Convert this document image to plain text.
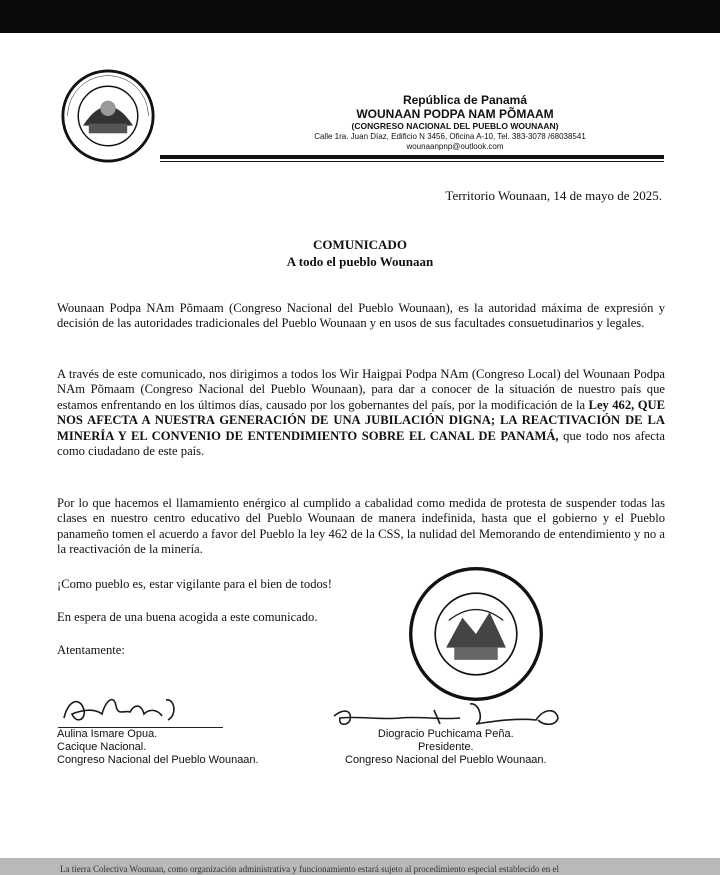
República de Panamá
WOUNAAN PODPA NAM PÕMAAM
(CONGRESO NACIONAL DEL PUEBLO WOUNAAN)
Calle 1ra. Juan Díaz, Edificio N 3456, Oficina A-10, Tel. 383-3078 /68038541
wounaanpnp@outlook.com
Territorio Wounaan, 14 de mayo de 2025.
COMUNICADO
A todo el pueblo Wounaan
Wounaan Podpa NAm Põmaam (Congreso Nacional del Pueblo Wounaan), es la autoridad máxima de expresión y decisión de las autoridades tradicionales del Pueblo Wounaan y en usos de sus facultades consuetudinarios y legales.
A través de este comunicado, nos dirigimos a todos los Wir Haigpai Podpa NAm (Congreso Local) del Wounaan Podpa NAm Põmaam (Congreso Nacional del Pueblo Wounaan), para dar a conocer de la situación de nuestro país que estamos enfrentando en los últimos días, causado por los gobernantes del país, por la modificación de la Ley 462, QUE NOS AFECTA A NUESTRA GENERACIÓN DE UNA JUBILACIÓN DIGNA; LA REACTIVACIÓN DE LA MINERÍA Y EL CONVENIO DE ENTENDIMIENTO SOBRE EL CANAL DE PANAMÁ, que todo nos afecta como ciudadano de este país.
Por lo que hacemos el llamamiento enérgico al cumplido a cabalidad como medida de protesta de suspender todas las clases en nuestro centro educativo del Pueblo Wounaan de manera indefinida, hasta que el gobierno y el Pueblo panameño tomen el acuerdo a favor del Pueblo la ley 462 de la CSS, la nulidad del Memorando de entendimiento y no a la reactivación de la minería.
¡Como pueblo es, estar vigilante para el bien de todos!
En espera de una buena acogida a este comunicado.
Atentamente:
Aulina Ismare Opua.
Cacique Nacional.
Congreso Nacional del Pueblo Wounaan.
Diogracio Puchicama Peña.
Presidente.
Congreso Nacional del Pueblo Wounaan.
La tierra Colectiva Wounaan, como organización administrativa y funcionamiento estará sujeto al procedimiento especial establecido en el
